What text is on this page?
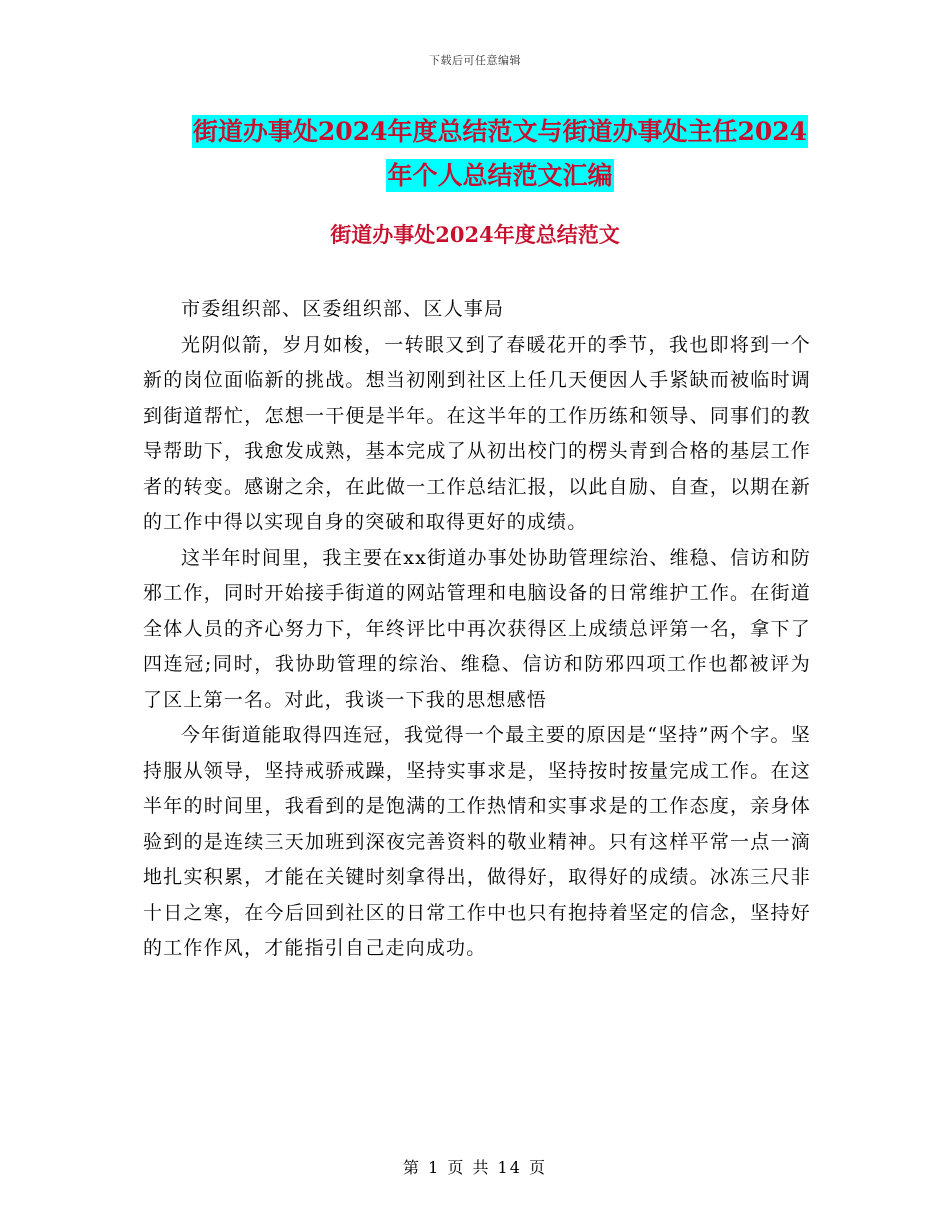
下载后可任意编辑
街道办事处2024年度总结范文与街道办事处主任2024
年个人总结范文汇编
街道办事处2024年度总结范文

市委组织部、区委组织部、区人事局

光阴似箭，岁月如梭，一转眼又到了春暖花开的季节，我也即将到一个新的岗位面临新的挑战。想当初刚到社区上任几天便因人手紧缺而被临时调到街道帮忙，怎想一干便是半年。在这半年的工作历练和领导、同事们的教导帮助下，我愈发成熟，基本完成了从初出校门的楞头青到合格的基层工作者的转变。感谢之余，在此做一工作总结汇报，以此自励、自查，以期在新的工作中得以实现自身的突破和取得更好的成绩。

这半年时间里，我主要在xx街道办事处协助管理综治、维稳、信访和防邪工作，同时开始接手街道的网站管理和电脑设备的日常维护工作。在街道全体人员的齐心努力下，年终评比中再次获得区上成绩总评第一名，拿下了四连冠;同时，我协助管理的综治、维稳、信访和防邪四项工作也都被评为了区上第一名。对此，我谈一下我的思想感悟

今年街道能取得四连冠，我觉得一个最主要的原因是“坚持”两个字。坚持服从领导，坚持戒骄戒躁，坚持实事求是，坚持按时按量完成工作。在这半年的时间里，我看到的是饱满的工作热情和实事求是的工作态度，亲身体验到的是连续三天加班到深夜完善资料的敬业精神。只有这样平常一点一滴地扎实积累，才能在关键时刻拿得出，做得好，取得好的成绩。冰冻三尺非十日之寒，在今后回到社区的日常工作中也只有抱持着坚定的信念，坚持好的工作作风，才能指引自己走向成功。

第 1 页 共 14 页
